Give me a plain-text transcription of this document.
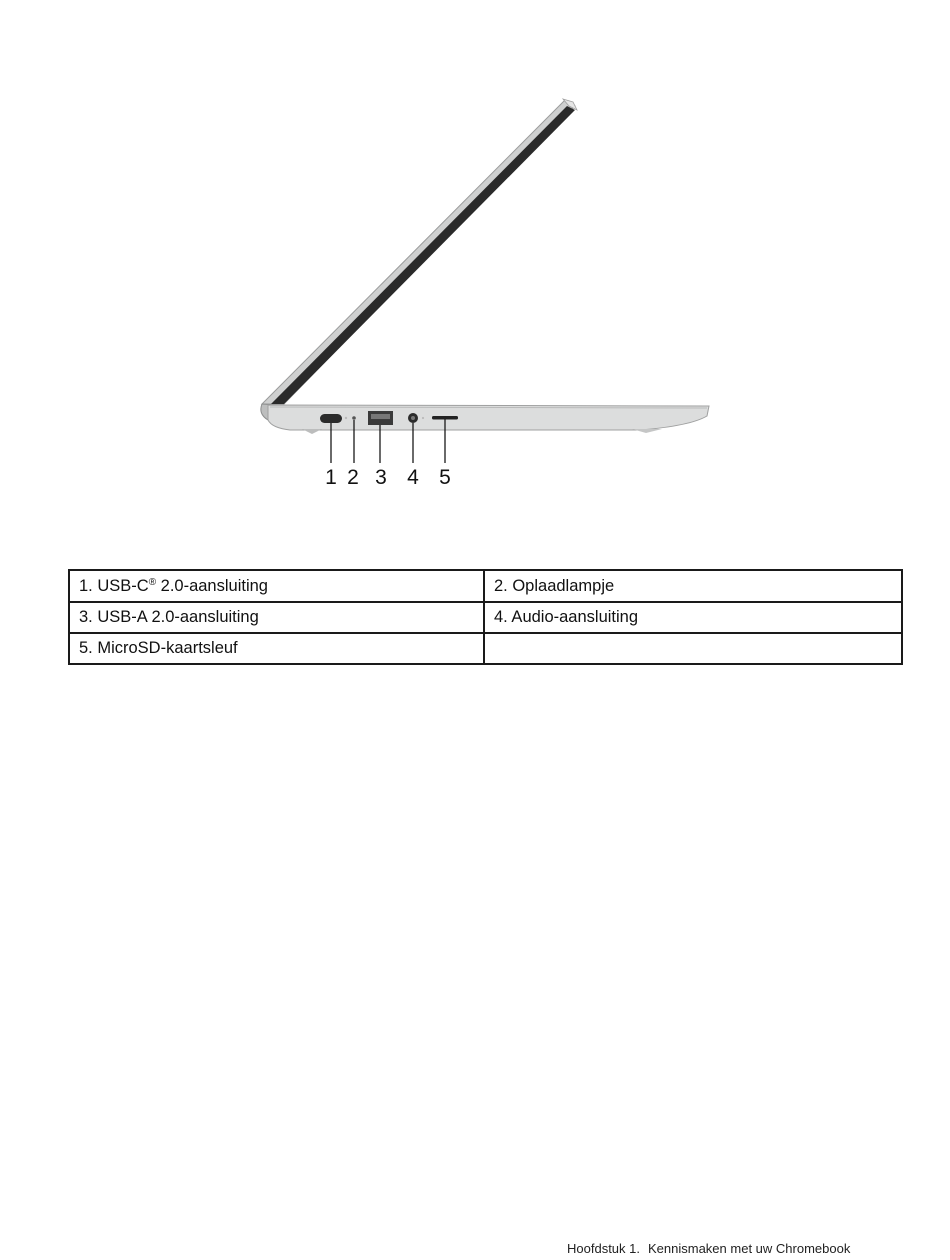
1 2 3 4 5
1. USB-C® 2.0-aansluiting	2. Oplaadlampje
3. USB-A 2.0-aansluiting	4. Audio-aansluiting
5. MicroSD-kaartsleuf	
Hoofdstuk 1. Kennismaken met uw Chromebook
